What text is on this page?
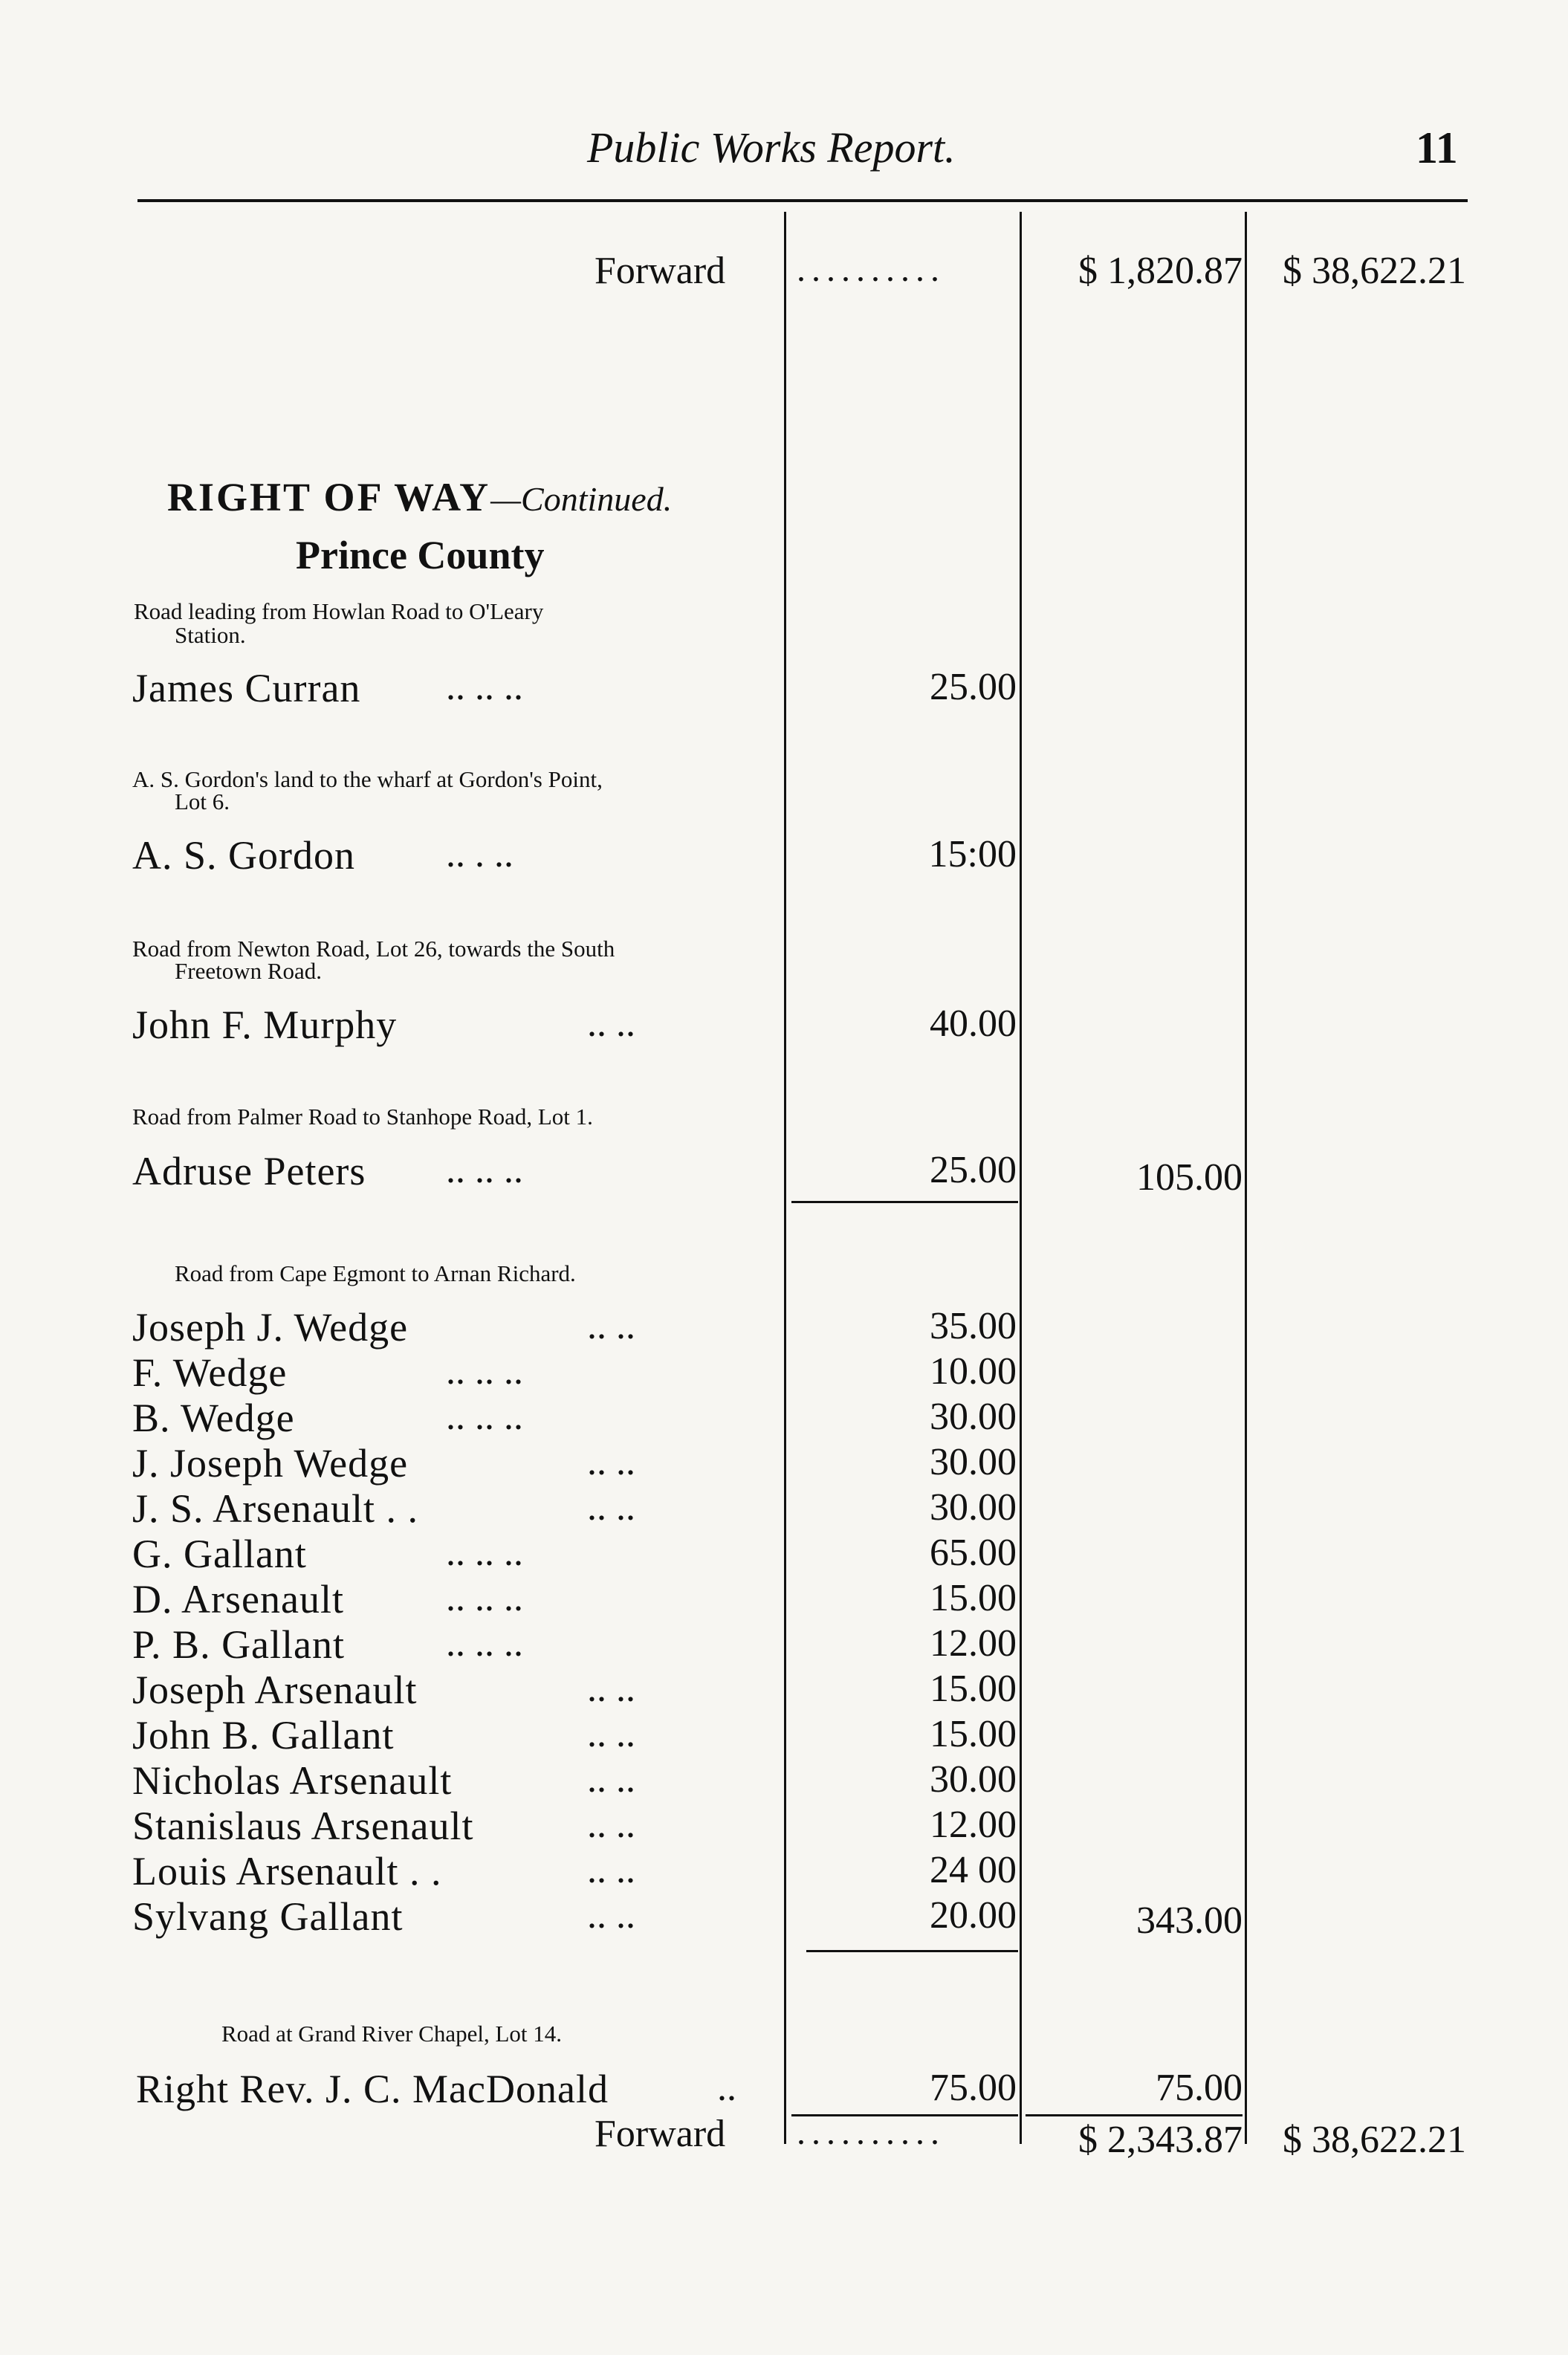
Public Works Report.	11
Forward ..........	$ 1,820.87	$ 38,622.21
RIGHT OF WAY—Continued.
Prince County
Road leading from Howlan Road to O'Leary
Station.
James Curran .. .. ..	25.00
A. S. Gordon's land to the wharf at Gordon's Point,
Lot 6.
A. S. Gordon .. . ..	15:00
Road from Newton Road, Lot 26, towards the South
Freetown Road.
John F. Murphy	.. ..	40.00
Road from Palmer Road to Stanhope Road, Lot 1.
Adruse Peters .. .. ..	25.00	105.00
Road from Cape Egmont to Arnan Richard.
Joseph J. Wedge	.. ..	35.00
F. Wedge	.. .. ..	10.00
B. Wedge	.. .. ..	30.00
J. Joseph Wedge	.. ..	30.00
J. S. Arsenault . .	.. ..	30.00
G. Gallant	.. .. ..	65.00
D. Arsenault	.. .. ..	15.00
P. B. Gallant	.. .. ..	12.00
Joseph Arsenault	.. ..	15.00
John B. Gallant	.. ..	15.00
Nicholas Arsenault	.. ..	30.00
Stanislaus Arsenault	.. ..	12.00
Louis Arsenault . .	.. ..	24 00
Sylvang Gallant	.. ..	20.00	343.00
Road at Grand River Chapel, Lot 14.
Right Rev. J. C. MacDonald	..	75.00	75.00
Forward ..........	$ 2,343.87	$ 38,622.21
